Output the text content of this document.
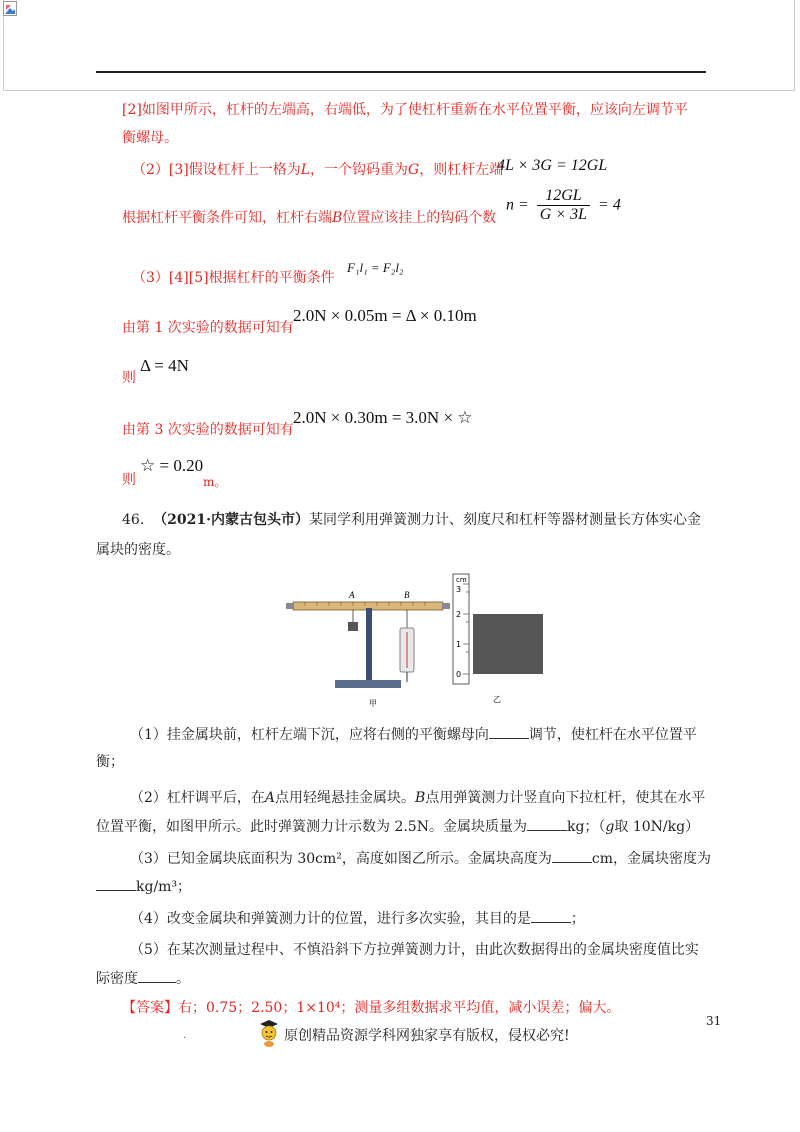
[2]如图甲所示，杠杆的左端高，右端低，为了使杠杆重新在水平位置平衡，应该向左调节平
衡螺母。
（2）[3]假设杠杆上一格为L，一个钩码重为G，则杠杆左端
4L × 3G = 12GL
根据杠杆平衡条件可知，杠杆右端B位置应该挂上的钩码个数
$n = \frac{12GL}{G \times 3L} = 4$
（3）[4][5]根据杠杆的平衡条件
F₁l₁ = F₂l₂
由第 1 次实验的数据可知有
2.0N × 0.05m = Δ × 0.10m
则
Δ = 4N
由第 3 次实验的数据可知有
2.0N × 0.30m = 3.0N × ☆
则
☆ = 0.20
m。
46. （2021·内蒙古包头市）某同学利用弹簧测力计、刻度尺和杠杆等器材测量长方体实心金
属块的密度。
A	B
甲
cm
0
1
2
3
乙
（1）挂金属块前，杠杆左端下沉，应将右侧的平衡螺母向	调节，使杠杆在水平位置平
衡；
（2）杠杆调平后，在A点用轻绳悬挂金属块。B点用弹簧测力计竖直向下拉杠杆，使其在水平
位置平衡，如图甲所示。此时弹簧测力计示数为 2.5N。金属块质量为	kg；（g取 10N/kg）
（3）已知金属块底面积为 30cm²，高度如图乙所示。金属块高度为	cm，金属块密度为
kg/m³；
（4）改变金属块和弹簧测力计的位置，进行多次实验，其目的是	；
（5）在某次测量过程中、不慎沿斜下方拉弹簧测力计，由此次数据得出的金属块密度值比实
际密度	。
【答案】右；0.75；2.50；1×10⁴；测量多组数据求平均值，减小误差；偏大。
31
.	原创精品资源学科网独家享有版权，侵权必究!
